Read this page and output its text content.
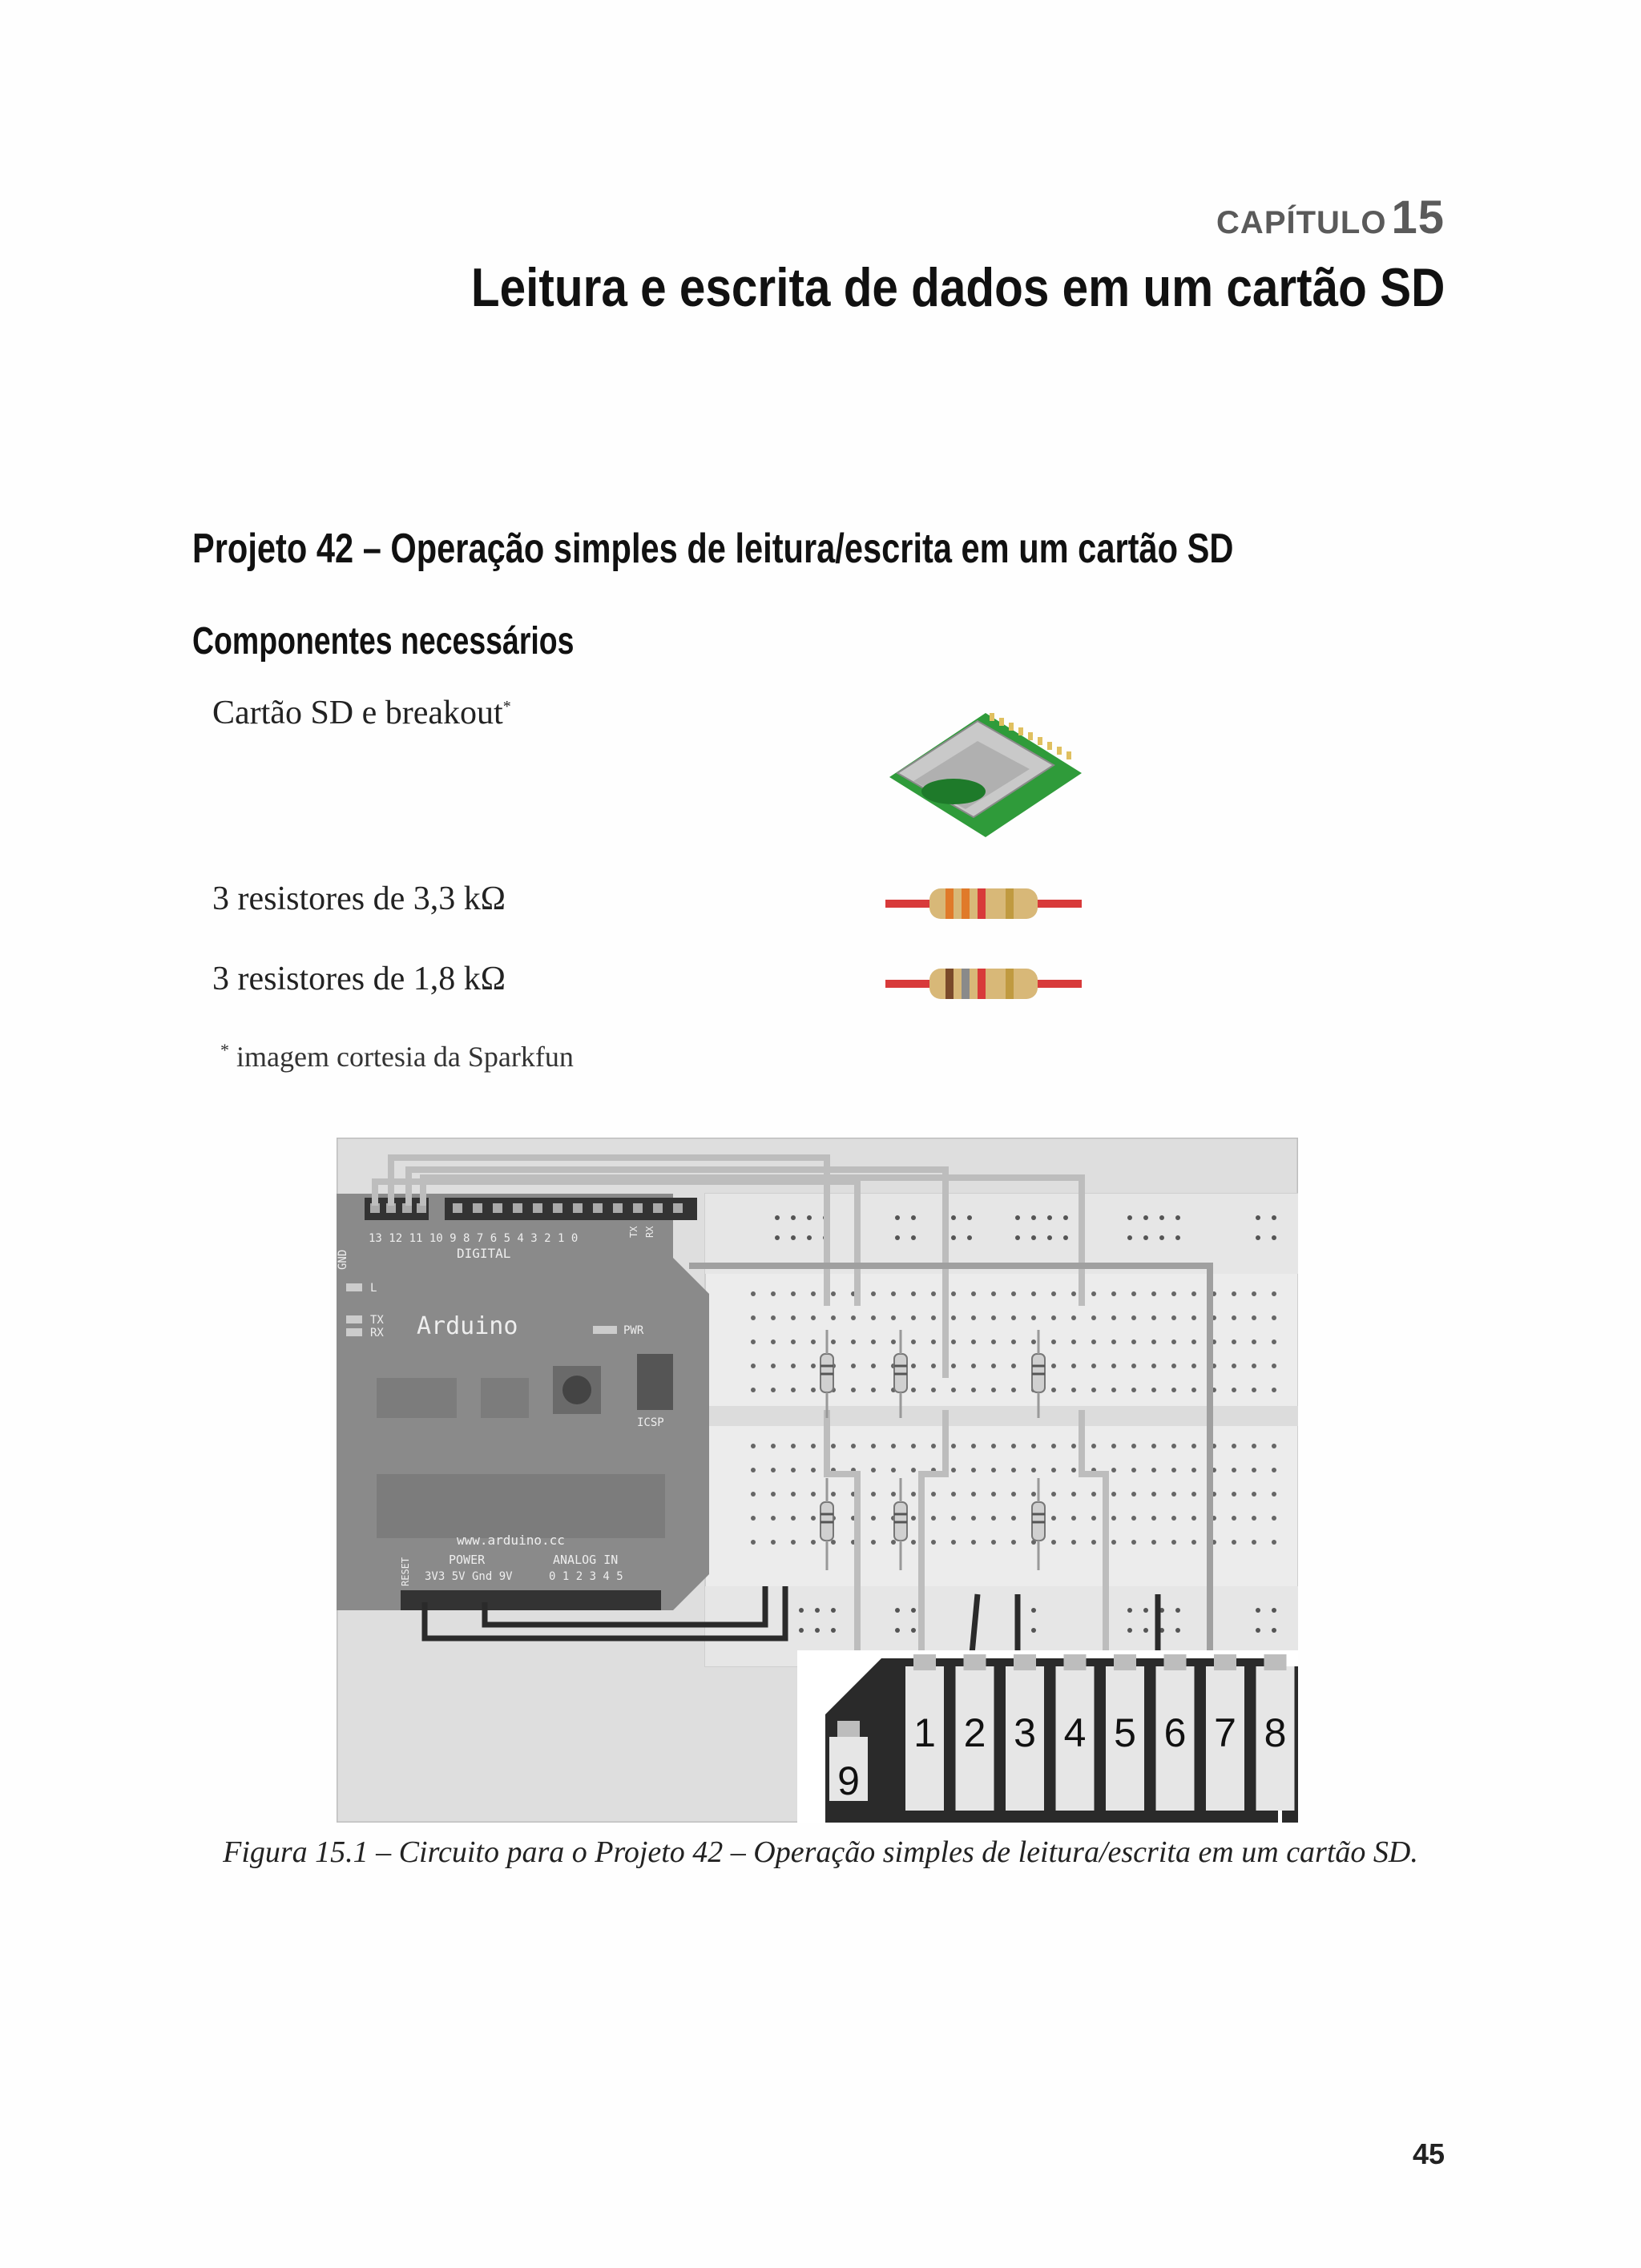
CAPÍTULO 15
Leitura e escrita de dados em um cartão SD
Projeto 42 – Operação simples de leitura/escrita em um cartão SD
Componentes necessários
Cartão SD e breakout*
3 resistores de 3,3 kΩ
3 resistores de 1,8 kΩ
* imagem cortesia da Sparkfun
GND
13 12 11 10 9 8 7 6 5 4 3 2 1 0
DIGITAL
TX RX
L
TX
RX Arduino	PWR
ICSP
www.arduino.cc
RESET	POWER
3V3 5V Gnd 9V
ANALOG IN
0 1 2 3 4 5
9
1 2 3 4 5 6 7 8
Figura 15.1 – Circuito para o Projeto 42 – Operação simples de leitura/escrita em um cartão SD.
45
